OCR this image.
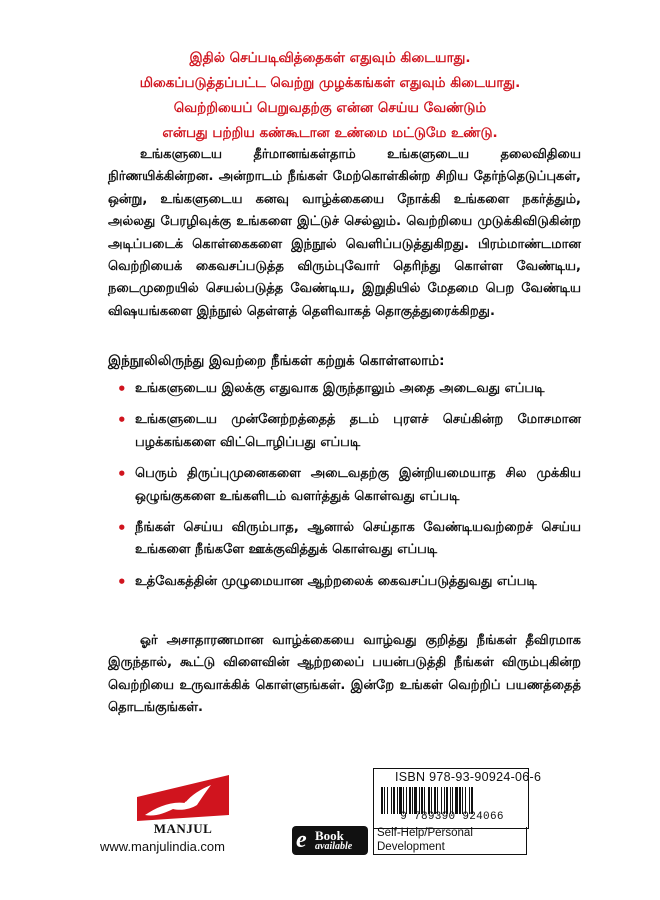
இதில் செப்படிவித்தைகள் எதுவும் கிடையாது.
மிகைப்படுத்தப்பட்ட வெற்று முழக்கங்கள் எதுவும் கிடையாது.
வெற்றியைப் பெறுவதற்கு என்ன செய்ய வேண்டும்
என்பது பற்றிய கண்கூடான உண்மை மட்டுமே உண்டு.
உங்களுடைய தீர்மானங்கள்தாம் உங்களுடைய தலைவிதியை நிர்ணயிக்கின்றன. அன்றாடம் நீங்கள் மேற்கொள்கின்ற சிறிய தேர்ந்தெடுப்புகள், ஒன்று, உங்களுடைய கனவு வாழ்க்கையை நோக்கி உங்களை நகர்த்தும், அல்லது பேரழிவுக்கு உங்களை இட்டுச் செல்லும். வெற்றியை முடுக்கிவிடுகின்ற அடிப்படைக் கொள்கைகளை இந்நூல் வெளிப்படுத்துகிறது. பிரம்மாண்டமான வெற்றியைக் கைவசப்படுத்த விரும்புவோர் தெரிந்து கொள்ள வேண்டிய, நடைமுறையில் செயல்படுத்த வேண்டிய, இறுதியில் மேதமை பெற வேண்டிய விஷயங்களை இந்நூல் தெள்ளத் தெளிவாகத் தொகுத்துரைக்கிறது.
இந்நூலிலிருந்து இவற்றை நீங்கள் கற்றுக் கொள்ளலாம்:
• உங்களுடைய இலக்கு எதுவாக இருந்தாலும் அதை அடைவது எப்படி
• உங்களுடைய முன்னேற்றத்தைத் தடம் புரளச் செய்கின்ற மோசமான பழக்கங்களை விட்டொழிப்பது எப்படி
• பெரும் திருப்புமுனைகளை அடைவதற்கு இன்றியமையாத சில முக்கிய ஒழுங்குகளை உங்களிடம் வளர்த்துக் கொள்வது எப்படி
• நீங்கள் செய்ய விரும்பாத, ஆனால் செய்தாக வேண்டியவற்றைச் செய்ய உங்களை நீங்களே ஊக்குவித்துக் கொள்வது எப்படி
• உத்வேகத்தின் முழுமையான ஆற்றலைக் கைவசப்படுத்துவது எப்படி
ஓர் அசாதாரணமான வாழ்க்கையை வாழ்வது குறித்து நீங்கள் தீவிரமாக இருந்தால், கூட்டு விளைவின் ஆற்றலைப் பயன்படுத்தி நீங்கள் விரும்புகின்ற வெற்றியை உருவாக்கிக் கொள்ளுங்கள். இன்றே உங்கள் வெற்றிப் பயணத்தைத் தொடங்குங்கள்.
MANJUL
www.manjulindia.com	e Book
available
ISBN 978-93-90924-06-6
9 789390 924066
Self-Help/Personal Development
